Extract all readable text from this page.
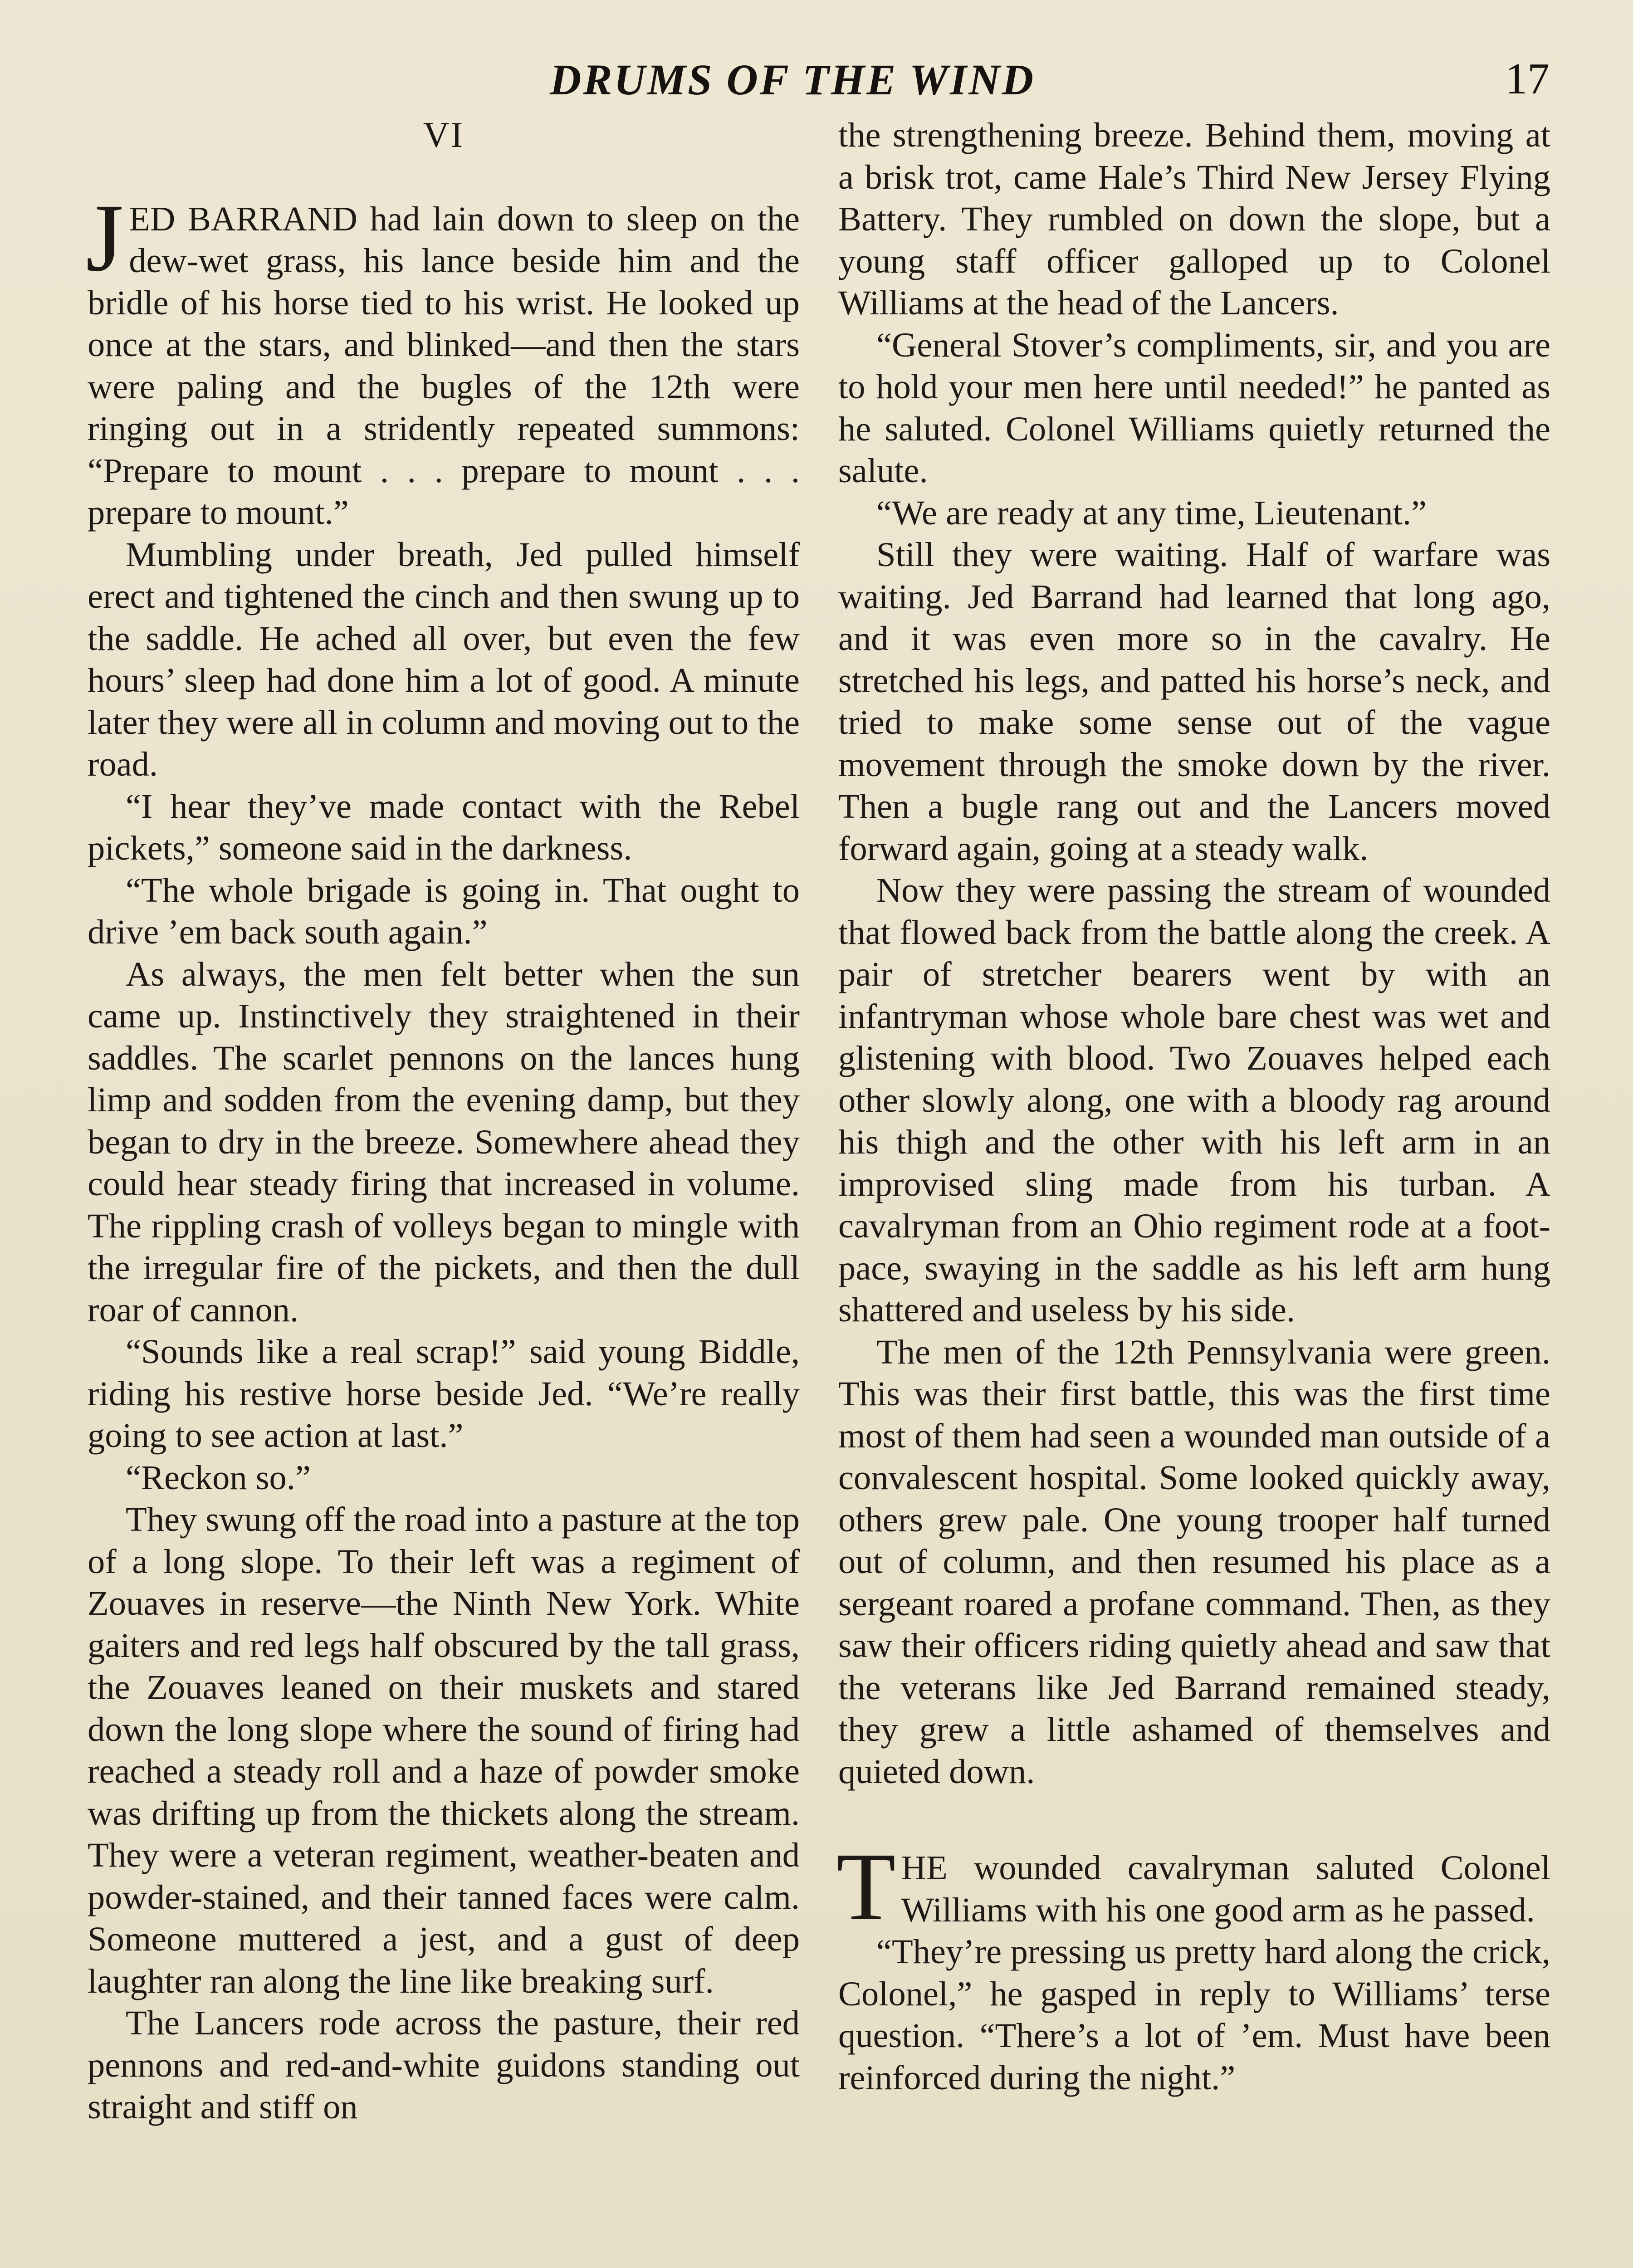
DRUMS OF THE WIND	17
VI

JED BARRAND had lain down to sleep on the dew-wet grass, his lance beside him and the bridle of his horse tied to his wrist. He looked up once at the stars, and blinked—and then the stars were paling and the bugles of the 12th were ringing out in a stridently repeated summons: “Prepare to mount . . . prepare to mount . . . prepare to mount.”

Mumbling under breath, Jed pulled himself erect and tightened the cinch and then swung up to the saddle. He ached all over, but even the few hours’ sleep had done him a lot of good. A minute later they were all in column and moving out to the road.

“I hear they’ve made contact with the Rebel pickets,” someone said in the darkness.

“The whole brigade is going in. That ought to drive ’em back south again.”

As always, the men felt better when the sun came up. Instinctively they straightened in their saddles. The scarlet pennons on the lances hung limp and sodden from the evening damp, but they began to dry in the breeze. Somewhere ahead they could hear steady firing that increased in volume. The rippling crash of volleys began to mingle with the irregular fire of the pickets, and then the dull roar of cannon.

“Sounds like a real scrap!” said young Biddle, riding his restive horse beside Jed. “We’re really going to see action at last.”

“Reckon so.”

They swung off the road into a pasture at the top of a long slope. To their left was a regiment of Zouaves in reserve—the Ninth New York. White gaiters and red legs half obscured by the tall grass, the Zouaves leaned on their muskets and stared down the long slope where the sound of firing had reached a steady roll and a haze of powder smoke was drifting up from the thickets along the stream. They were a veteran regiment, weather-beaten and powder-stained, and their tanned faces were calm. Someone muttered a jest, and a gust of deep laughter ran along the line like breaking surf.

The Lancers rode across the pasture, their red pennons and red-and-white guidons standing out straight and stiff on

the strengthening breeze. Behind them, moving at a brisk trot, came Hale’s Third New Jersey Flying Battery. They rumbled on down the slope, but a young staff officer galloped up to Colonel Williams at the head of the Lancers.

“General Stover’s compliments, sir, and you are to hold your men here until needed!” he panted as he saluted. Colonel Williams quietly returned the salute.

“We are ready at any time, Lieutenant.”

Still they were waiting. Half of warfare was waiting. Jed Barrand had learned that long ago, and it was even more so in the cavalry. He stretched his legs, and patted his horse’s neck, and tried to make some sense out of the vague movement through the smoke down by the river. Then a bugle rang out and the Lancers moved forward again, going at a steady walk.

Now they were passing the stream of wounded that flowed back from the battle along the creek. A pair of stretcher bearers went by with an infantryman whose whole bare chest was wet and glistening with blood. Two Zouaves helped each other slowly along, one with a bloody rag around his thigh and the other with his left arm in an improvised sling made from his turban. A cavalryman from an Ohio regiment rode at a foot-pace, swaying in the saddle as his left arm hung shattered and useless by his side.

The men of the 12th Pennsylvania were green. This was their first battle, this was the first time most of them had seen a wounded man outside of a convalescent hospital. Some looked quickly away, others grew pale. One young trooper half turned out of column, and then resumed his place as a sergeant roared a profane command. Then, as they saw their officers riding quietly ahead and saw that the veterans like Jed Barrand remained steady, they grew a little ashamed of themselves and quieted down.

THE wounded cavalryman saluted Colonel Williams with his one good arm as he passed.

“They’re pressing us pretty hard along the crick, Colonel,” he gasped in reply to Williams’ terse question. “There’s a lot of ’em. Must have been reinforced during the night.”
